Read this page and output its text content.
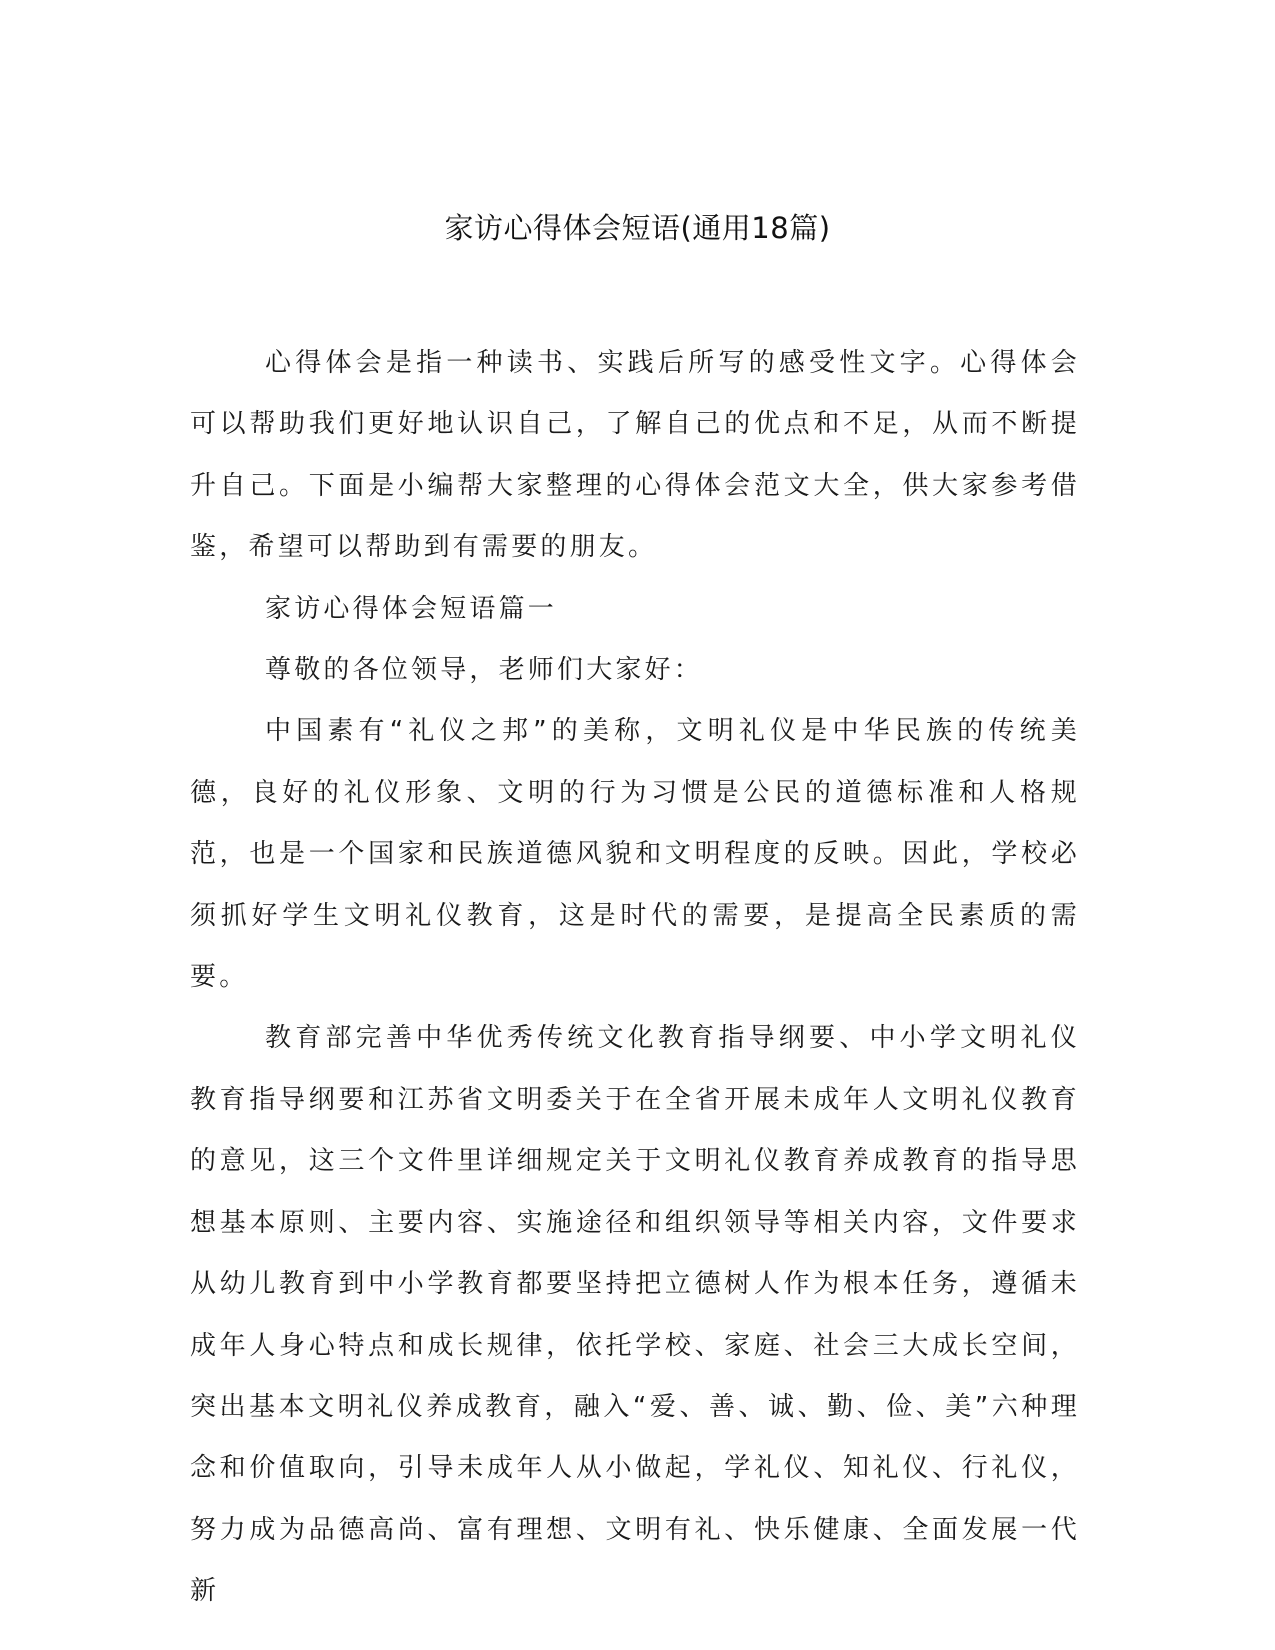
家访心得体会短语(通用18篇)

心得体会是指一种读书、实践后所写的感受性文字。心得体会可以帮助我们更好地认识自己，了解自己的优点和不足，从而不断提升自己。下面是小编帮大家整理的心得体会范文大全，供大家参考借鉴，希望可以帮助到有需要的朋友。

家访心得体会短语篇一

尊敬的各位领导，老师们大家好：

中国素有“礼仪之邦”的美称，文明礼仪是中华民族的传统美德，良好的礼仪形象、文明的行为习惯是公民的道德标准和人格规范，也是一个国家和民族道德风貌和文明程度的反映。因此，学校必须抓好学生文明礼仪教育，这是时代的需要，是提高全民素质的需要。

教育部完善中华优秀传统文化教育指导纲要、中小学文明礼仪教育指导纲要和江苏省文明委关于在全省开展未成年人文明礼仪教育的意见，这三个文件里详细规定关于文明礼仪教育养成教育的指导思想基本原则、主要内容、实施途径和组织领导等相关内容，文件要求从幼儿教育到中小学教育都要坚持把立德树人作为根本任务，遵循未成年人身心特点和成长规律，依托学校、家庭、社会三大成长空间，突出基本文明礼仪养成教育，融入“爱、善、诚、勤、俭、美”六种理念和价值取向，引导未成年人从小做起，学礼仪、知礼仪、行礼仪，努力成为品德高尚、富有理想、文明有礼、快乐健康、全面发展一代新
